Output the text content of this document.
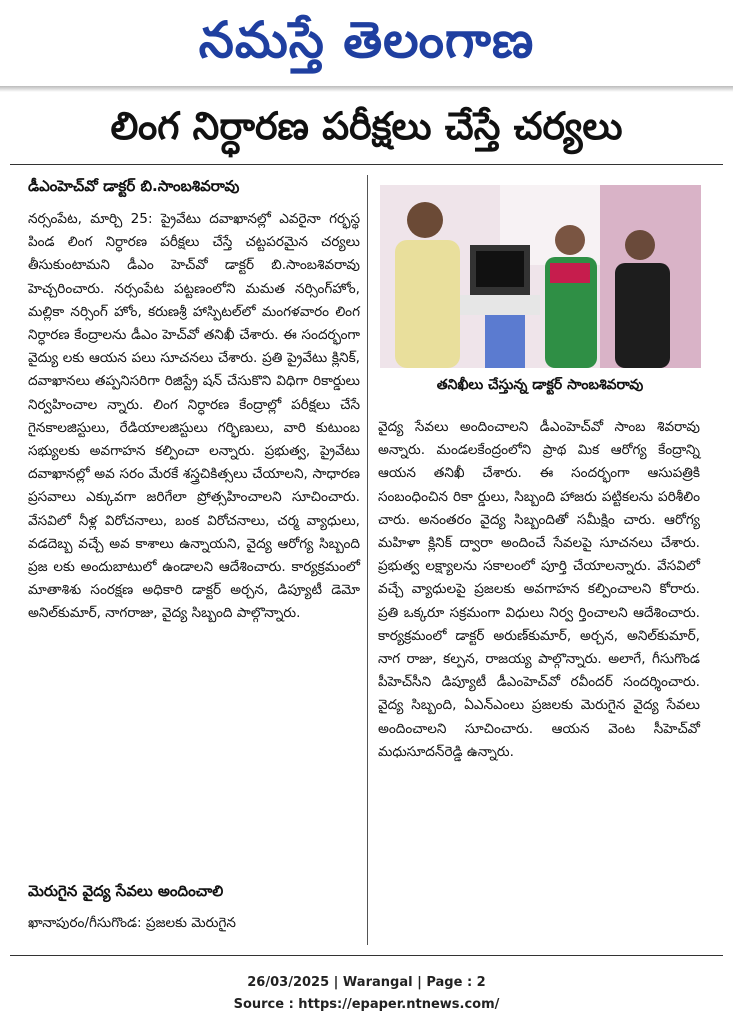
నమస్తే తెలంగాణ
లింగ నిర్ధారణ పరీక్షలు చేస్తే చర్యలు
డీఎంహెచ్‌వో డాక్టర్ బి.సాంబశివరావు
నర్సంపేట, మార్చి 25: ప్రైవేటు దవాఖానల్లో ఎవరైనా గర్భస్థ పిండ లింగ నిర్ధారణ పరీక్షలు చేస్తే చట్టపరమైన చర్యలు తీసుకుంటామని డీఎం హెచ్‌వో డాక్టర్ బి.సాంబశివరావు హెచ్చరించారు. నర్సంపేట పట్టణంలోని మమత నర్సింగ్‌హోం, మల్లికా నర్సింగ్ హోం, కరుణశ్రీ హాస్పిటల్‌లో మంగళవారం లింగ నిర్ధారణ కేంద్రాలను డీఎం హెచ్‌వో తనిఖీ చేశారు. ఈ సందర్భంగా వైద్యు లకు ఆయన పలు సూచనలు చేశారు. ప్రతి ప్రైవేటు క్లినిక్, దవాఖానలు తప్పనిసరిగా రిజిస్ట్రే షన్ చేసుకొని విధిగా రికార్డులు నిర్వహించాల న్నారు. లింగ నిర్ధారణ కేంద్రాల్లో పరీక్షలు చేసే గైనకాలజిస్టులు, రేడియాలజిస్టులు గర్భిణులు, వారి కుటుంబ సభ్యులకు అవగాహన కల్పించా లన్నారు. ప్రభుత్వ, ప్రైవేటు దవాఖానల్లో అవ సరం మేరకే శస్త్రచికిత్సలు చేయాలని, సాధారణ ప్రసవాలు ఎక్కువగా జరిగేలా ప్రోత్సహించాలని సూచించారు. వేసవిలో నీళ్ల విరోచనాలు, బంక విరోచనాలు, చర్మ వ్యాధులు, వడదెబ్బ వచ్చే అవ కాశాలు ఉన్నాయని, వైద్య ఆరోగ్య సిబ్బంది ప్రజ లకు అందుబాటులో ఉండాలని ఆదేశించారు. కార్యక్రమంలో మాతాశిశు సంరక్షణ అధికారి డాక్టర్ అర్చన, డిప్యూటీ డెమో అనిల్‌కుమార్, నాగరాజు, వైద్య సిబ్బంది పాల్గొన్నారు.
మెరుగైన వైద్య సేవలు అందించాలి
ఖానాపురం/గీసుగొండ: ప్రజలకు మెరుగైన
తనిఖీలు చేస్తున్న డాక్టర్ సాంబశివరావు
వైద్య సేవలు అందించాలని డీఎంహెచ్‌వో సాంబ శివరావు అన్నారు. మండలకేంద్రంలోని ప్రాథ మిక ఆరోగ్య కేంద్రాన్ని ఆయన తనిఖీ చేశారు. ఈ సందర్భంగా ఆసుపత్రికి సంబంధించిన రికా ర్డులు, సిబ్బంది హాజరు పట్టికలను పరిశీలిం చారు. అనంతరం వైద్య సిబ్బందితో సమీక్షిం చారు. ఆరోగ్య మహిళా క్లినిక్ ద్వారా అందించే సేవలపై సూచనలు చేశారు. ప్రభుత్వ లక్ష్యాలను సకాలంలో పూర్తి చేయాలన్నారు. వేసవిలో వచ్చే వ్యాధులపై ప్రజలకు అవగాహన కల్పించాలని కోరారు. ప్రతి ఒక్కరూ సక్రమంగా విధులు నిర్వ ర్తించాలని ఆదేశించారు. కార్యక్రమంలో డాక్టర్ అరుణ్‌కుమార్, అర్చన, అనిల్‌కుమార్, నాగ రాజు, కల్పన, రాజయ్య పాల్గొన్నారు. అలాగే, గీసుగొండ పీహెచ్‌సీని డిప్యూటీ డీఎంహెచ్‌వో రవీందర్ సందర్శించారు. వైద్య సిబ్బంది, ఏఎన్‌ఎంలు ప్రజలకు మెరుగైన వైద్య సేవలు అందించాలని సూచించారు. ఆయన వెంట సీహెచ్‌వో మధుసూదన్‌రెడ్డి ఉన్నారు.
26/03/2025 | Warangal | Page : 2
Source : https://epaper.ntnews.com/
